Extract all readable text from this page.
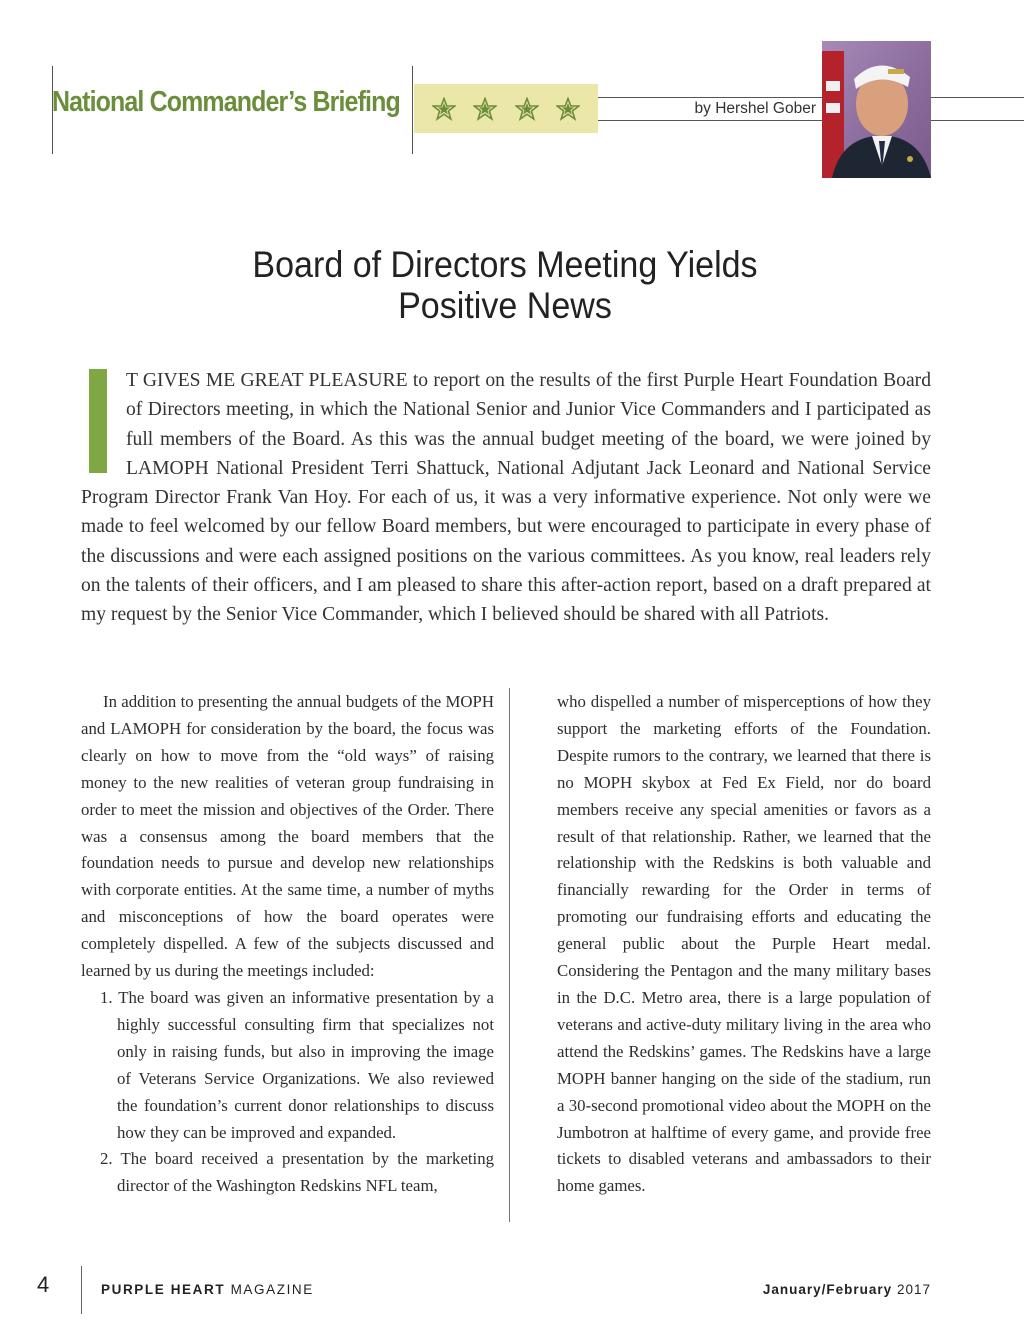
National Commander’s Briefing	by Hershel Gober
Board of Directors Meeting Yields
Positive News
T GIVES ME GREAT PLEASURE to report on the results of the first Purple Heart Foundation Board of Directors meeting, in which the National Senior and Junior Vice Commanders and I participated as full members of the Board. As this was the annual budget meeting of the board, we were joined by LAMOPH National President Terri Shattuck, National Adjutant Jack Leonard and National Service Program Director Frank Van Hoy. For each of us, it was a very informative experience. Not only were we made to feel welcomed by our fellow Board members, but were encouraged to participate in every phase of the discussions and were each assigned positions on the various committees. As you know, real leaders rely on the talents of their officers, and I am pleased to share this after-action report, based on a draft prepared at my request by the Senior Vice Commander, which I believed should be shared with all Patriots.

In addition to presenting the annual budgets of the MOPH and LAMOPH for consideration by the board, the focus was clearly on how to move from the “old ways” of raising money to the new realities of veteran group fundraising in order to meet the mission and objectives of the Order. There was a consensus among the board members that the foundation needs to pursue and develop new relationships with corporate entities. At the same time, a number of myths and misconceptions of how the board operates were completely dispelled. A few of the subjects discussed and learned by us during the meetings included:

1. The board was given an informative presentation by a highly successful consulting firm that specializes not only in raising funds, but also in improving the image of Veterans Service Organizations. We also reviewed the foundation’s current donor relationships to discuss how they can be improved and expanded.

2. The board received a presentation by the marketing director of the Washington Redskins NFL team,

who dispelled a number of misperceptions of how they support the marketing efforts of the Foundation. Despite rumors to the contrary, we learned that there is no MOPH skybox at Fed Ex Field, nor do board members receive any special amenities or favors as a result of that relationship. Rather, we learned that the relationship with the Redskins is both valuable and financially rewarding for the Order in terms of promoting our fundraising efforts and educating the general public about the Purple Heart medal. Considering the Pentagon and the many military bases in the D.C. Metro area, there is a large population of veterans and active-duty military living in the area who attend the Redskins’ games. The Redskins have a large MOPH banner hanging on the side of the stadium, run a 30-second promotional video about the MOPH on the Jumbotron at halftime of every game, and provide free tickets to disabled veterans and ambassadors to their home games.

4	PURPLE HEART MAGAZINE	January/February 2017
